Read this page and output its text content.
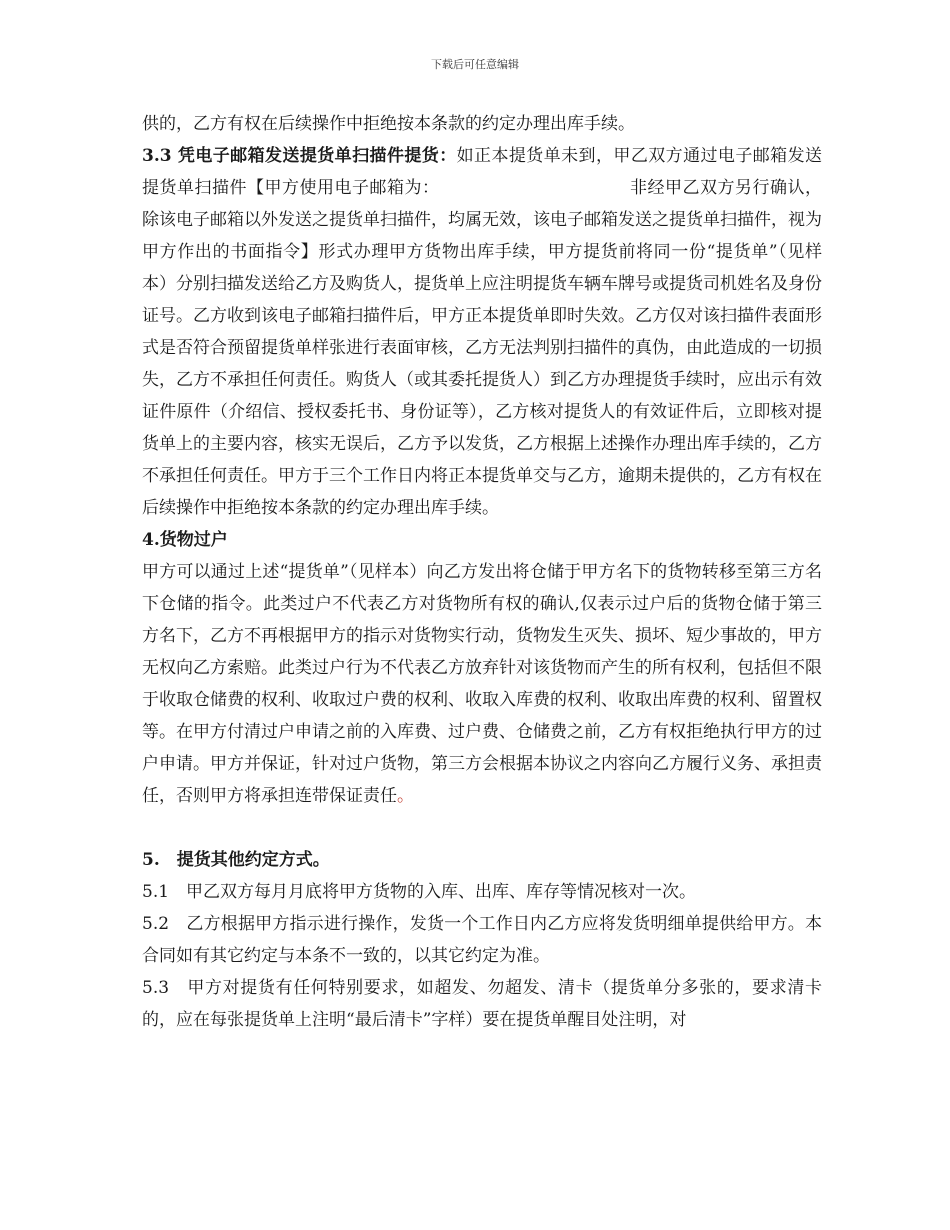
下载后可任意编辑

供的，乙方有权在后续操作中拒绝按本条款的约定办理出库手续。

3.3 凭电子邮箱发送提货单扫描件提货：如正本提货单未到，甲乙双方通过电子邮箱发送提货单扫描件【甲方使用电子邮箱为：	非经甲乙双方另行确认，除该电子邮箱以外发送之提货单扫描件，均属无效，该电子邮箱发送之提货单扫描件，视为甲方作出的书面指令】形式办理甲方货物出库手续，甲方提货前将同一份“提货单”（见样本）分别扫描发送给乙方及购货人，提货单上应注明提货车辆车牌号或提货司机姓名及身份证号。乙方收到该电子邮箱扫描件后，甲方正本提货单即时失效。乙方仅对该扫描件表面形式是否符合预留提货单样张进行表面审核，乙方无法判别扫描件的真伪，由此造成的一切损失，乙方不承担任何责任。购货人（或其委托提货人）到乙方办理提货手续时，应出示有效证件原件（介绍信、授权委托书、身份证等），乙方核对提货人的有效证件后，立即核对提货单上的主要内容，核实无误后，乙方予以发货，乙方根据上述操作办理出库手续的，乙方不承担任何责任。甲方于三个工作日内将正本提货单交与乙方，逾期未提供的，乙方有权在后续操作中拒绝按本条款的约定办理出库手续。

4.货物过户

甲方可以通过上述“提货单”（见样本）向乙方发出将仓储于甲方名下的货物转移至第三方名下仓储的指令。此类过户不代表乙方对货物所有权的确认,仅表示过户后的货物仓储于第三方名下，乙方不再根据甲方的指示对货物实行动，货物发生灭失、损坏、短少事故的，甲方无权向乙方索赔。此类过户行为不代表乙方放弃针对该货物而产生的所有权利，包括但不限于收取仓储费的权利、收取过户费的权利、收取入库费的权利、收取出库费的权利、留置权等。在甲方付清过户申请之前的入库费、过户费、仓储费之前，乙方有权拒绝执行甲方的过户申请。甲方并保证，针对过户货物，第三方会根据本协议之内容向乙方履行义务、承担责任，否则甲方将承担连带保证责任。

5.　提货其他约定方式。

5.1　甲乙双方每月月底将甲方货物的入库、出库、库存等情况核对一次。

5.2　乙方根据甲方指示进行操作，发货一个工作日内乙方应将发货明细单提供给甲方。本合同如有其它约定与本条不一致的，以其它约定为准。

5.3　甲方对提货有任何特别要求，如超发、勿超发、清卡（提货单分多张的，要求清卡的，应在每张提货单上注明“最后清卡”字样）要在提货单醒目处注明，对
